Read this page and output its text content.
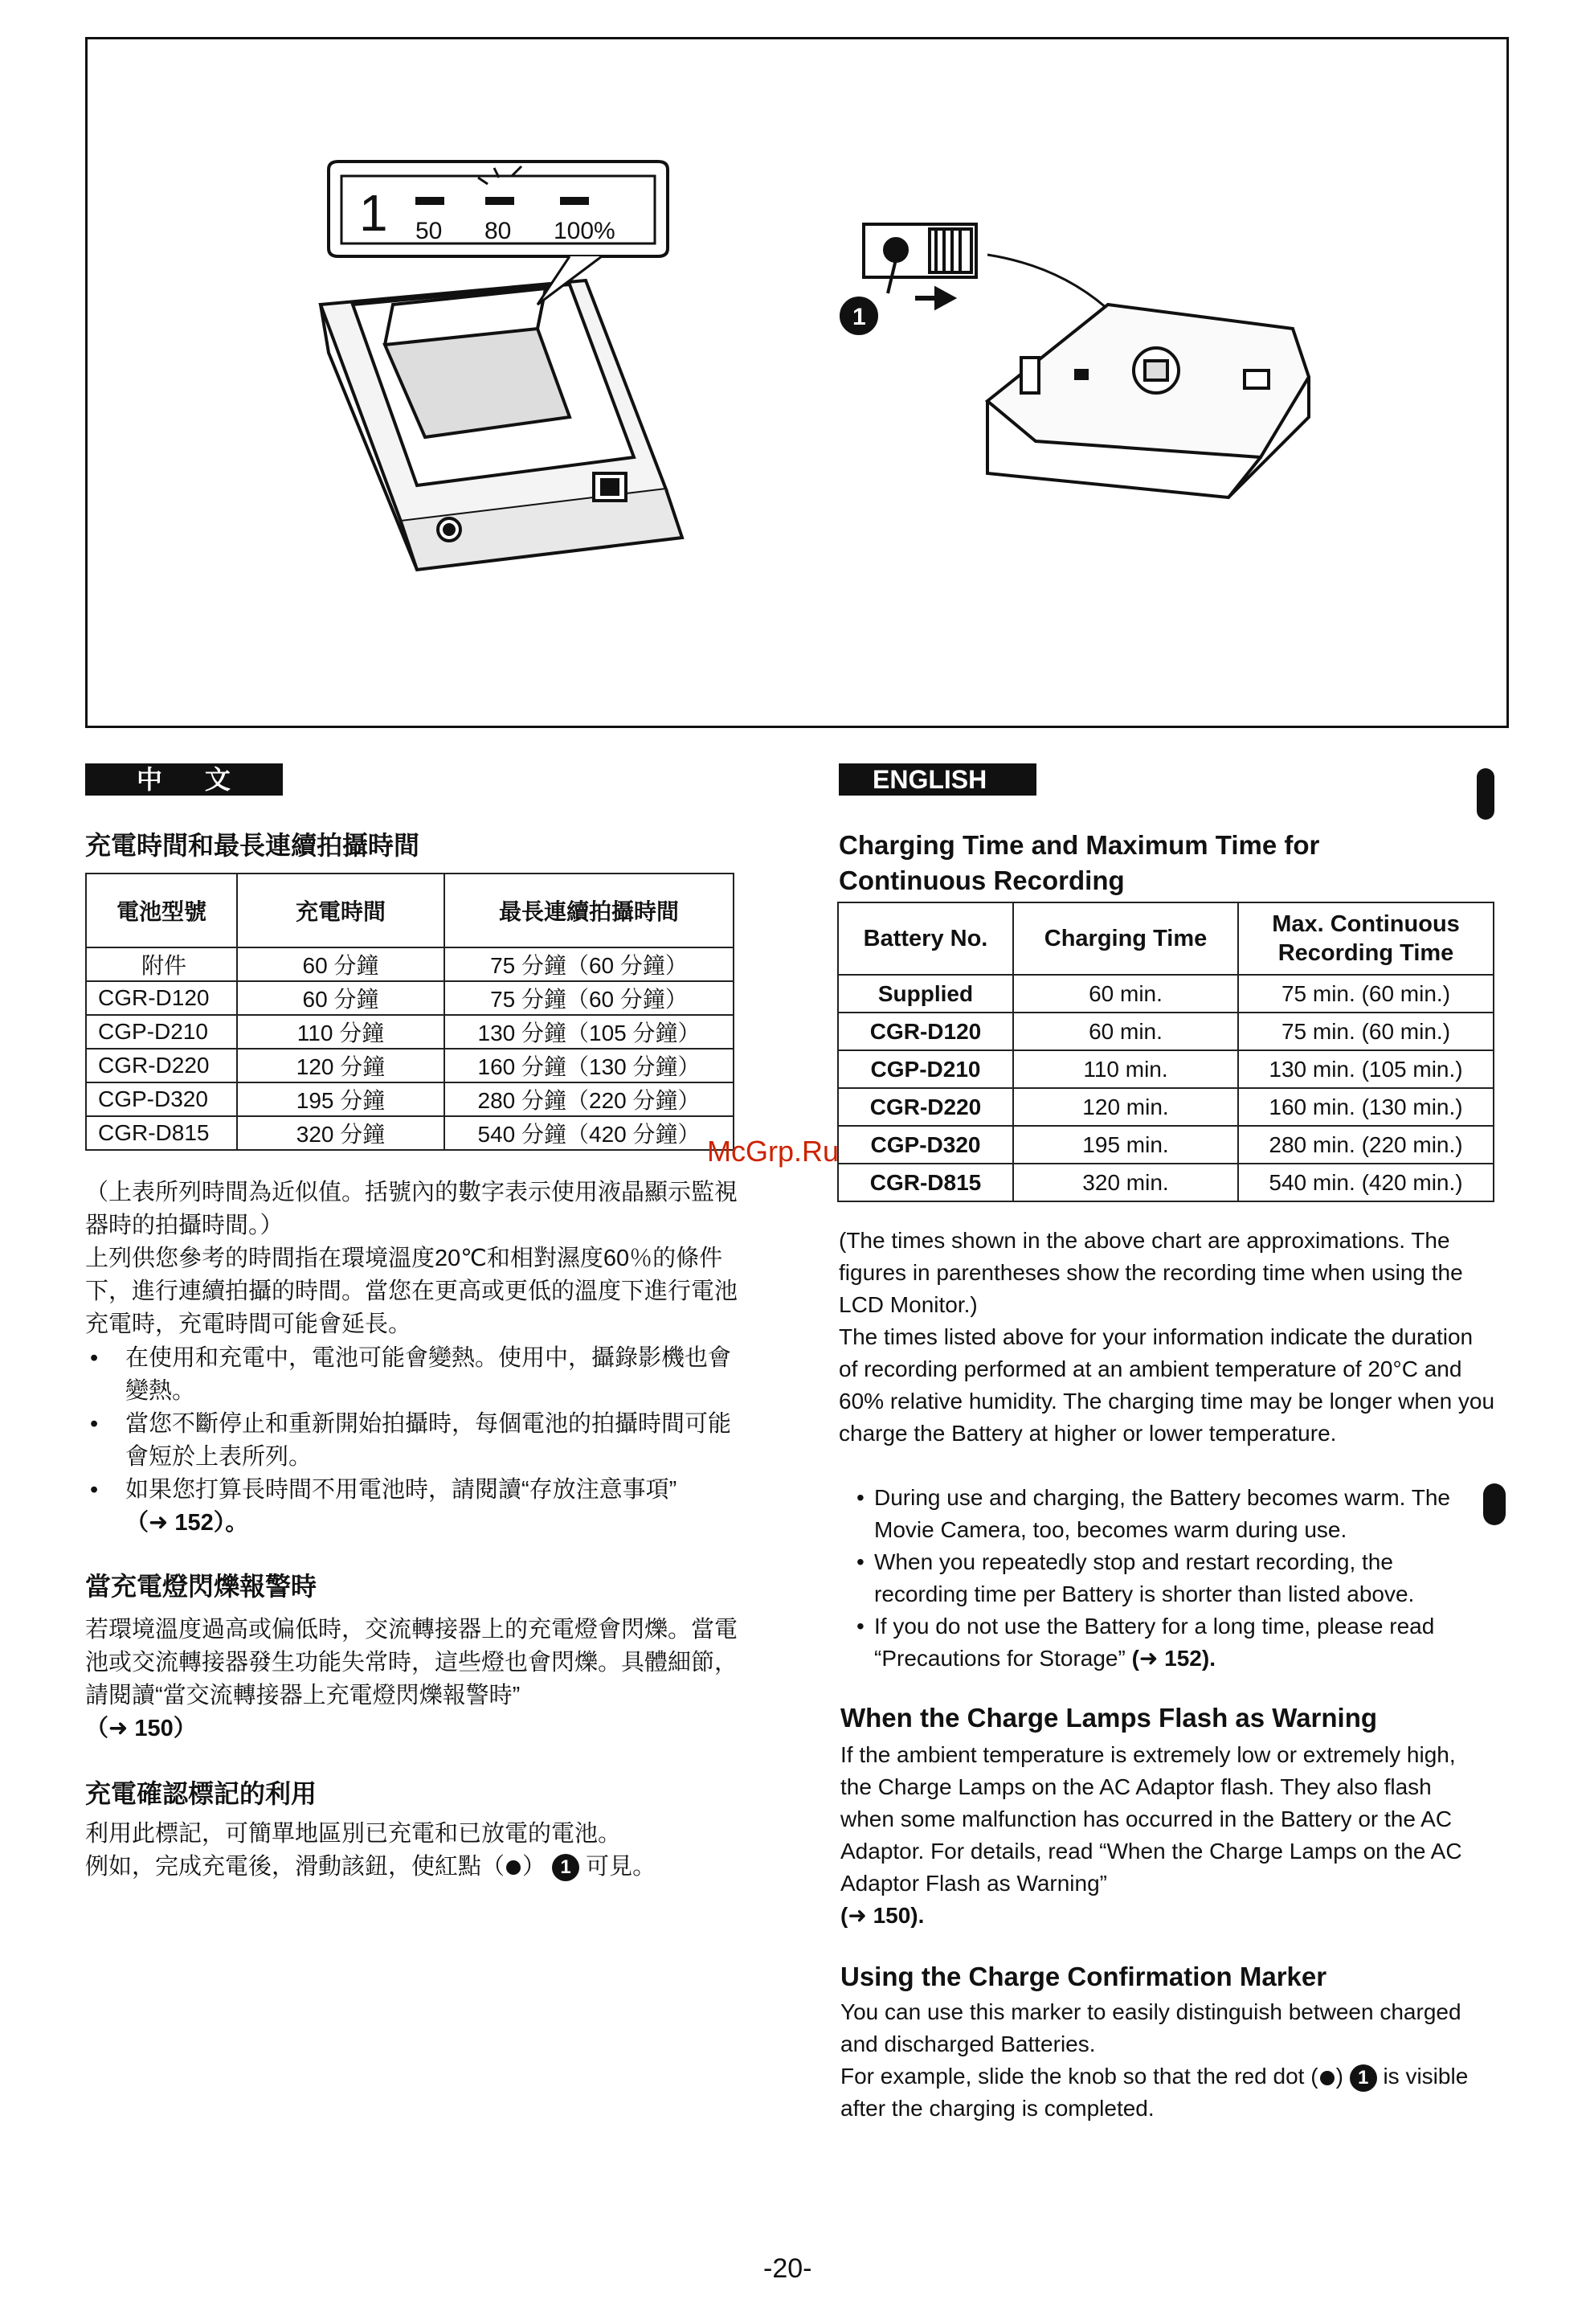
1 50 80 100%
1
中 文
充電時間和最長連續拍攝時間
電池型號	充電時間	最長連續拍攝時間
附件	60 分鐘	75 分鐘（60 分鐘）
CGR-D120	60 分鐘	75 分鐘（60 分鐘）
CGP-D210	110 分鐘	130 分鐘（105 分鐘）
CGR-D220	120 分鐘	160 分鐘（130 分鐘）
CGP-D320	195 分鐘	280 分鐘（220 分鐘）
CGR-D815	320 分鐘	540 分鐘（420 分鐘）
（上表所列時間為近似值。括號內的數字表示使用液晶顯示監視器時的拍攝時間。）
上列供您參考的時間指在環境溫度20℃和相對濕度60％的條件下，進行連續拍攝的時間。當您在更高或更低的溫度下進行電池充電時，充電時間可能會延長。
• 在使用和充電中，電池可能會變熱。使用中，攝錄影機也會變熱。
• 當您不斷停止和重新開始拍攝時，每個電池的拍攝時間可能會短於上表所列。
• 如果您打算長時間不用電池時，請閱讀“存放注意事項”
（➜ 152）。
當充電燈閃爍報警時
若環境溫度過高或偏低時，交流轉接器上的充電燈會閃爍。當電池或交流轉接器發生功能失常時，這些燈也會閃爍。具體細節，請閱讀“當交流轉接器上充電燈閃爍報警時”
（➜ 150）
充電確認標記的利用
利用此標記，可簡單地區別已充電和已放電的電池。
例如，完成充電後，滑動該鈕，使紅點（ ） 1 可見。
ENGLISH
Charging Time and Maximum Time for Continuous Recording
Battery No.	Charging Time	Max. Continuous Recording Time
Supplied	60 min.	75 min. (60 min.)
CGR-D120	60 min.	75 min. (60 min.)
CGP-D210	110 min.	130 min. (105 min.)
CGR-D220	120 min.	160 min. (130 min.)
CGP-D320	195 min.	280 min. (220 min.)
CGR-D815	320 min.	540 min. (420 min.)
(The times shown in the above chart are approximations. The figures in parentheses show the recording time when using the LCD Monitor.)
The times listed above for your information indicate the duration of recording performed at an ambient temperature of 20°C and 60% relative humidity. The charging time may be longer when you charge the Battery at higher or lower temperature.
• During use and charging, the Battery becomes warm. The Movie Camera, too, becomes warm during use.
• When you repeatedly stop and restart recording, the recording time per Battery is shorter than listed above.
• If you do not use the Battery for a long time, please read “Precautions for Storage” (➜ 152).
When the Charge Lamps Flash as Warning
If the ambient temperature is extremely low or extremely high, the Charge Lamps on the AC Adaptor flash. They also flash when some malfunction has occurred in the Battery or the AC Adaptor. For details, read “When the Charge Lamps on the AC Adaptor Flash as Warning”
(➜ 150).
Using the Charge Confirmation Marker
You can use this marker to easily distinguish between charged and discharged Batteries.
For example, slide the knob so that the red dot ( ) 1 is visible after the charging is completed.
McGrp.Ru
-20-
